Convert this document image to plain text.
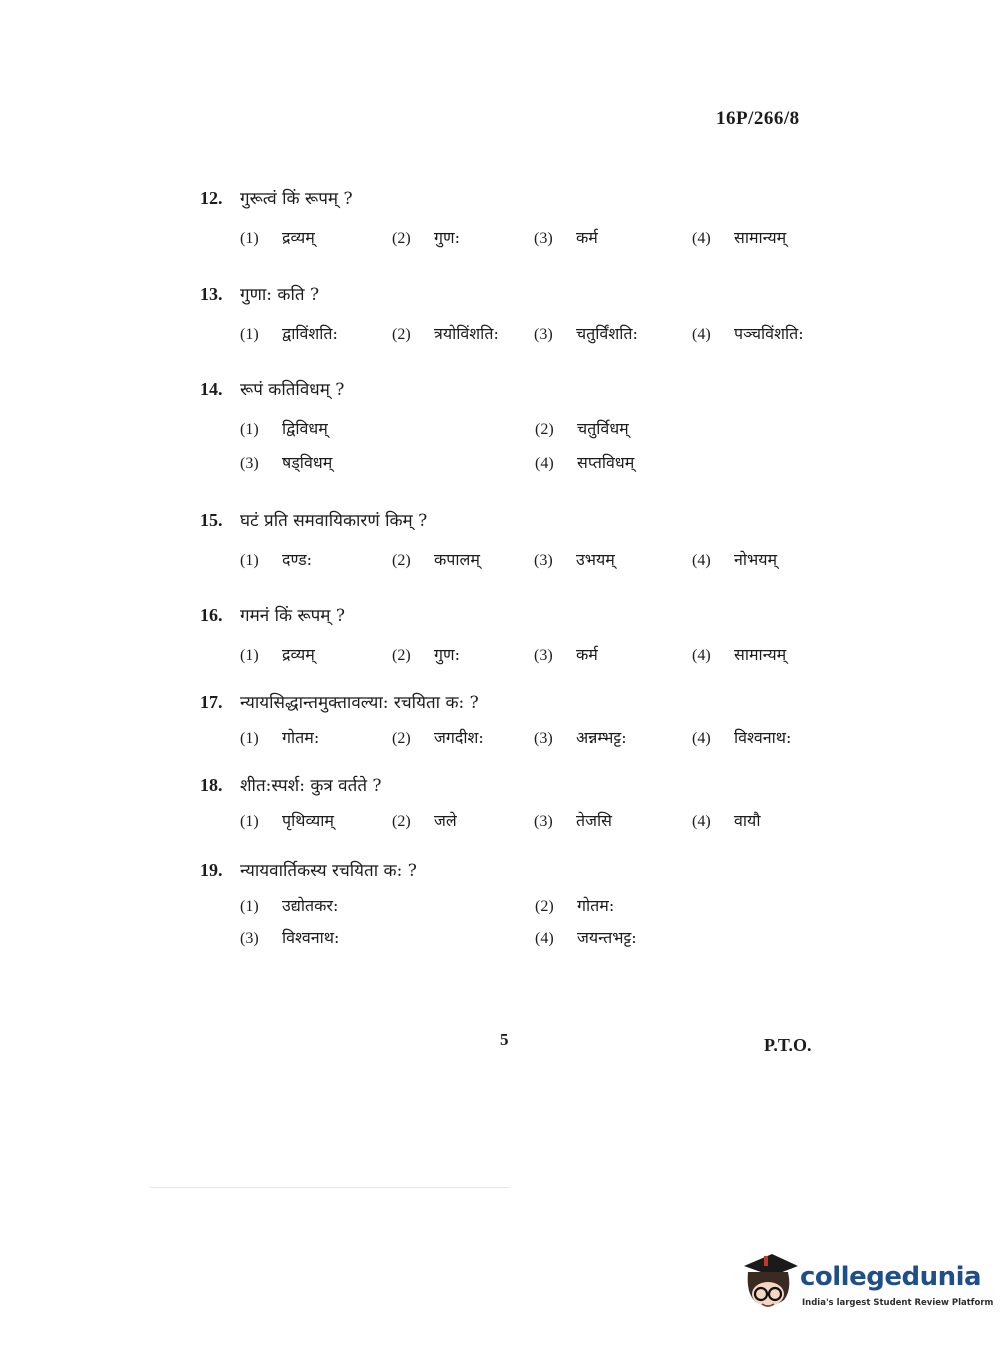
16P/266/8
12.	गुरूत्वं किं रूपम् ?
(1)	द्रव्यम्	(2)	गुण:	(3)	कर्म	(4)	सामान्यम्
13.	गुणा: कति ?
(1)	द्वाविंशति:	(2)	त्रयोविंशति: (3)	चतुर्विंशति:	(4)	पञ्चविंशति:
14.	रूपं कतिविधम् ?
(1)	द्विविधम्	(2)	चतुर्विधम्
(3)	षड्विधम्	(4)	सप्तविधम्
15.	घटं प्रति समवायिकारणं किम् ?
(1)	दण्ड:	(2)	कपालम्	(3)	उभयम्	(4)	नोभयम्
16.	गमनं किं रूपम् ?
(1)	द्रव्यम्	(2)	गुण:	(3)	कर्म	(4)	सामान्यम्
17.	न्यायसिद्धान्तमुक्तावल्या: रचयिता क: ?
(1)	गोतम:	(2)	जगदीश:	(3)	अन्नम्भट्ट:	(4)	विश्वनाथ:
18.	शीत:स्पर्श: कुत्र वर्तते ?
(1)	पृथिव्याम्	(2)	जले	(3)	तेजसि	(4)	वायौ
19.	न्यायवार्तिकस्य रचयिता क: ?
(1)	उद्योतकर:	(2)	गोतम:
(3)	विश्वनाथ:	(4)	जयन्तभट्ट:
5	P.T.O.
collegedunia
India's largest Student Review Platform
